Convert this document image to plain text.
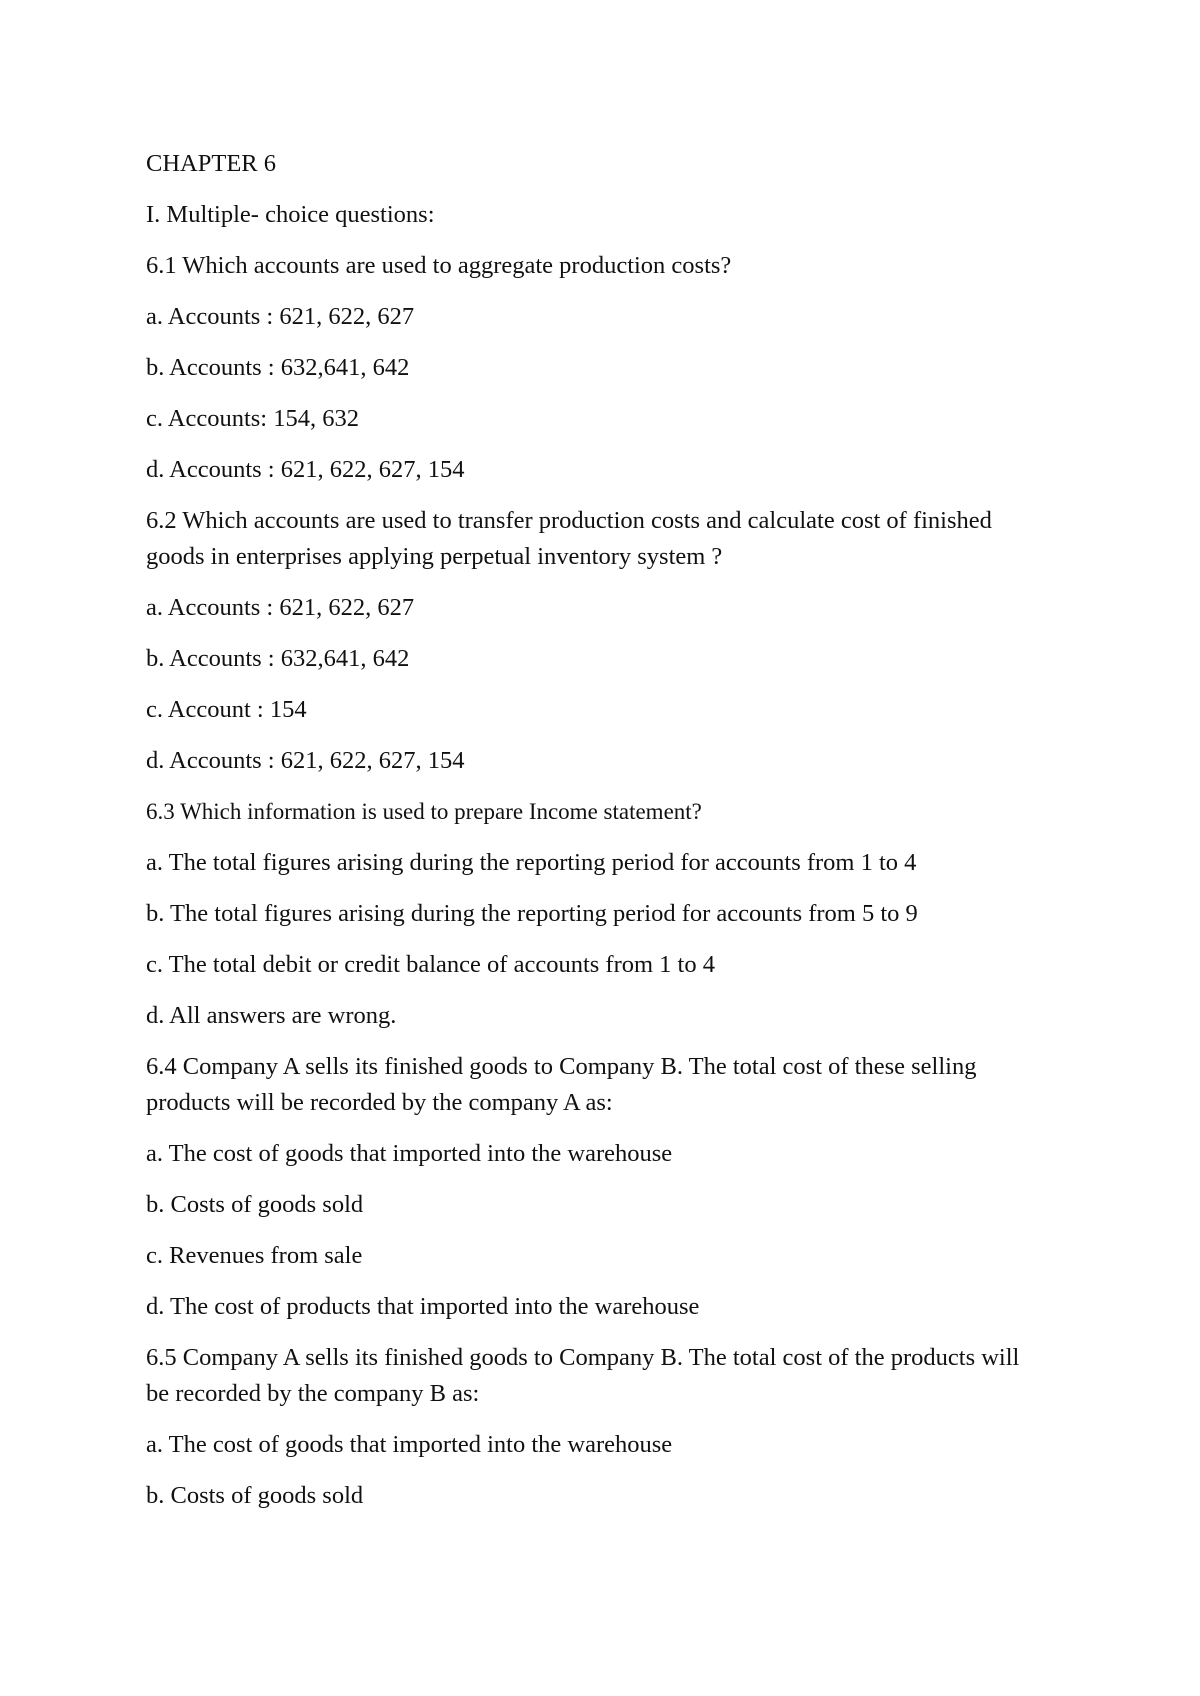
CHAPTER 6
I. Multiple- choice questions:
6.1 Which accounts are used to aggregate production costs?
a. Accounts : 621, 622, 627
b. Accounts : 632,641, 642
c. Accounts: 154, 632
d. Accounts : 621, 622, 627, 154
6.2 Which accounts are used to transfer production costs and calculate cost of finished goods in enterprises applying perpetual inventory system ?
a. Accounts : 621, 622, 627
b. Accounts : 632,641, 642
c. Account : 154
d. Accounts : 621, 622, 627, 154
6.3 Which information is used to prepare Income statement?
a. The total figures arising during the reporting period for accounts from 1 to 4
b. The total figures arising during the reporting period for accounts from 5 to 9
c. The total debit or credit balance of accounts from 1 to 4
d. All answers are wrong.
6.4 Company A sells its finished goods to Company B. The total cost of these selling products will be recorded by the company A as:
a. The cost of goods that imported into the warehouse
b. Costs of goods sold
c. Revenues from sale
d. The cost of products that imported into the warehouse
6.5 Company A sells its finished goods to Company B. The total cost of the products will be recorded by the company B as:
a. The cost of goods that imported into the warehouse
b. Costs of goods sold
